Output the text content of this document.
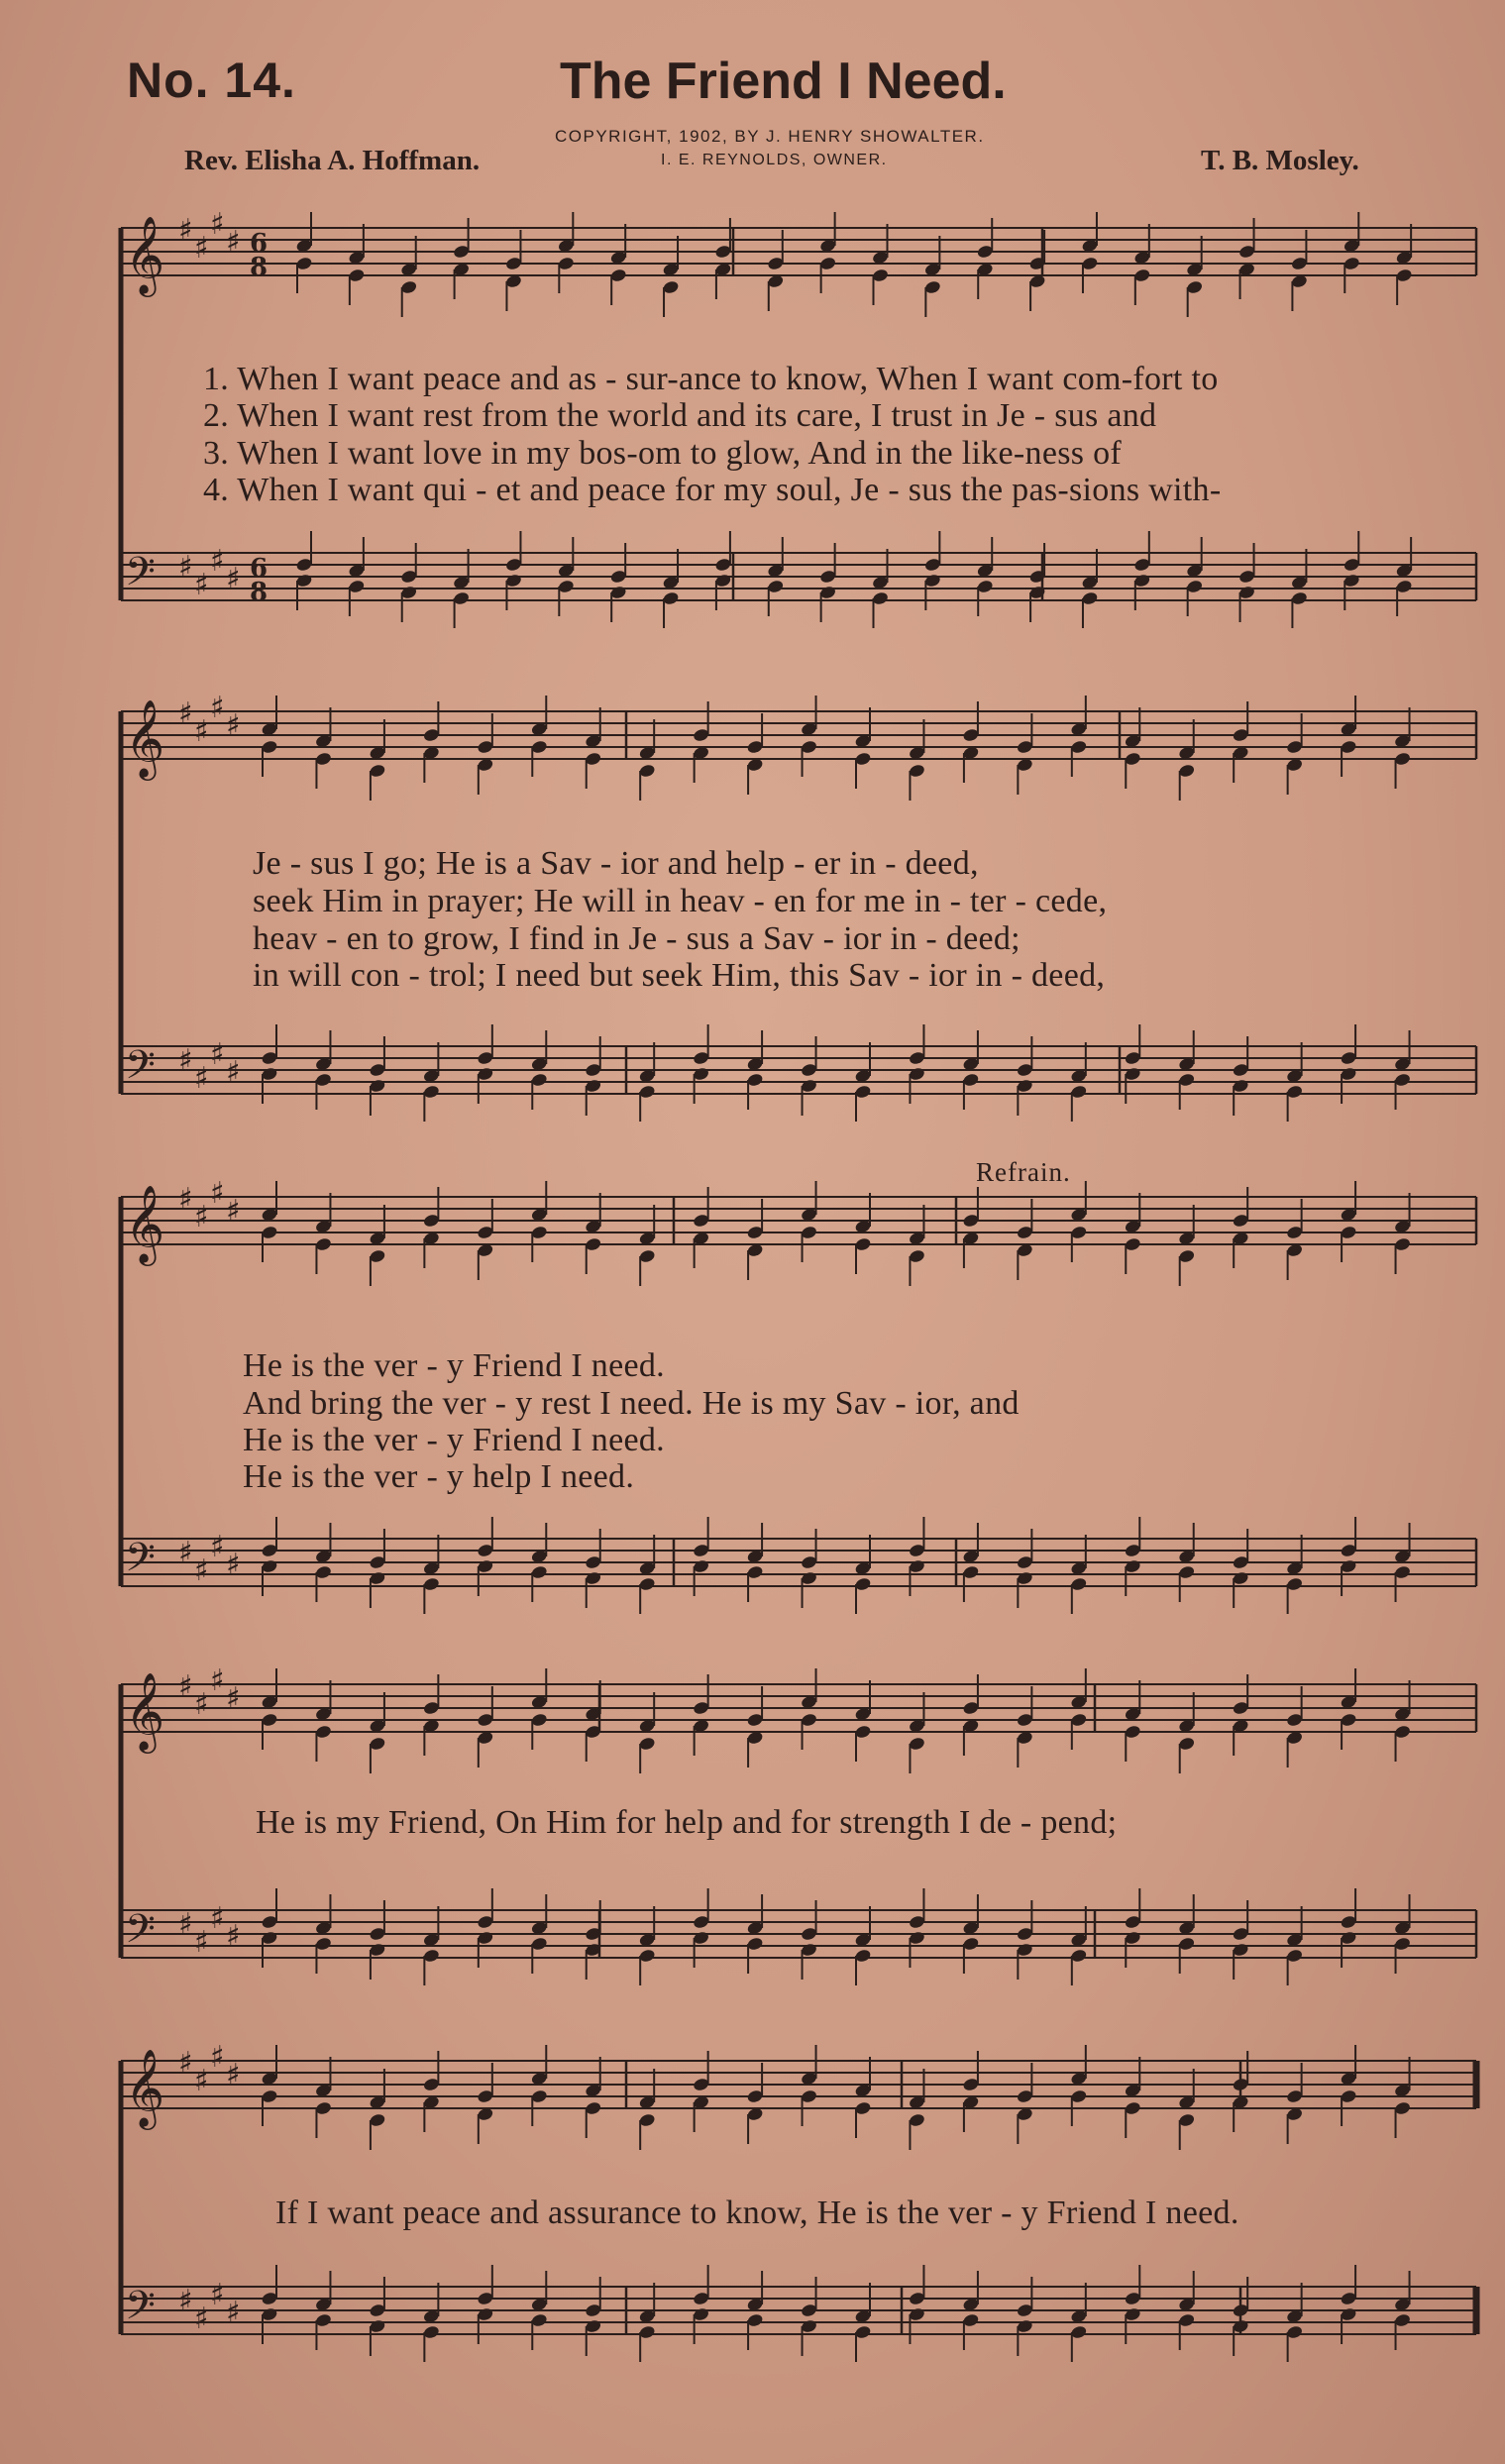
No. 14.	The Friend I Need.
COPYRIGHT, 1902, BY J. HENRY SHOWALTER.
I. E. REYNOLDS, OWNER.
Rev. Elisha A. Hoffman.	T. B. Mosley.
♯
♯
♯
♯
𝄞	6
8
♯
♯
♯
♯
𝄢	6
8
♯
♯
♯
♯
𝄞
♯
♯
♯
♯
𝄢
♯
♯
♯
♯
𝄞
♯
♯
♯
♯
𝄢
♯
♯
♯
♯
𝄞
♯
♯
♯
♯
𝄢
♯
♯
♯
♯
𝄞
♯
♯
♯
♯
𝄢
1. When I want peace and as - sur-ance to know, When I want com-fort to
2. When I want rest from the world and its care, I trust in Je - sus and
3. When I want love in my bos-om to glow, And in the like-ness of
4. When I want qui - et and peace for my soul, Je - sus the pas-sions with-
Je - sus I go; He is a Sav - ior and help - er in - deed,
seek Him in prayer; He will in heav - en for me in - ter - cede,
heav - en to grow, I find in Je - sus a Sav - ior in - deed;
in will con - trol; I need but seek Him, this Sav - ior in - deed,
Refrain.
He is the ver - y Friend I need.
And bring the ver - y rest I need. He is my Sav - ior, and
He is the ver - y Friend I need.
He is the ver - y help I need.
He is my Friend, On Him for help and for strength I de - pend;
If I want peace and assurance to know, He is the ver - y Friend I need.
